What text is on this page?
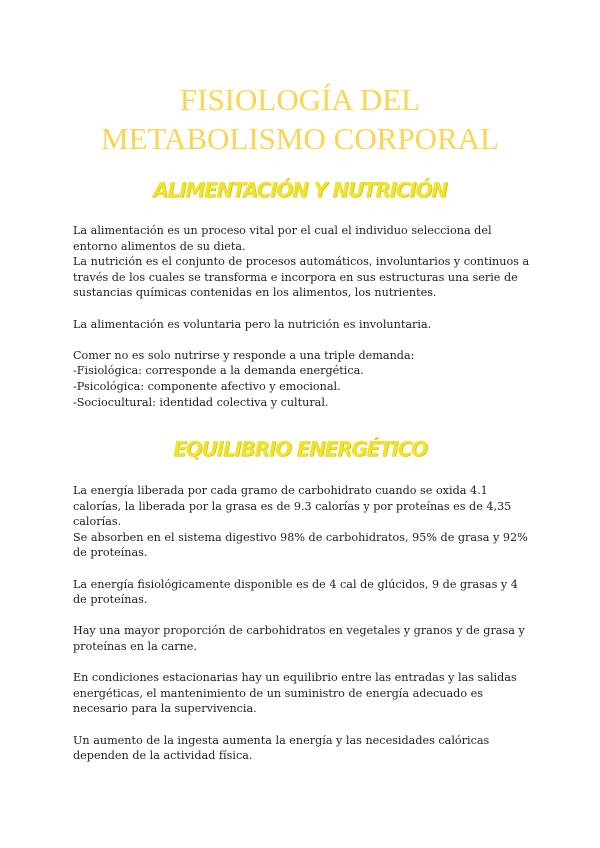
FISIOLOGÍA DEL
METABOLISMO CORPORAL
ALIMENTACIÓN Y NUTRICIÓN

La alimentación es un proceso vital por el cual el individuo selecciona del entorno alimentos de su dieta.

La nutrición es el conjunto de procesos automáticos, involuntarios y continuos a través de los cuales se transforma e incorpora en sus estructuras una serie de sustancias químicas contenidas en los alimentos, los nutrientes.

La alimentación es voluntaria pero la nutrición es involuntaria.

Comer no es solo nutrirse y responde a una triple demanda:

-Fisiológica: corresponde a la demanda energética.

-Psicológica: componente afectivo y emocional.

-Sociocultural: identidad colectiva y cultural.

EQUILIBRIO ENERGÉTICO

La energía liberada por cada gramo de carbohidrato cuando se oxida 4.1 calorías, la liberada por la grasa es de 9.3 calorías y por proteínas es de 4,35 calorías.

Se absorben en el sistema digestivo 98% de carbohidratos, 95% de grasa y 92% de proteínas.

La energía fisiológicamente disponible es de 4 cal de glúcidos, 9 de grasas y 4 de proteínas.

Hay una mayor proporción de carbohidratos en vegetales y granos y de grasa y proteínas en la carne.

En condiciones estacionarias hay un equilibrio entre las entradas y las salidas energéticas, el mantenimiento de un suministro de energía adecuado es necesario para la supervivencia.

Un aumento de la ingesta aumenta la energía y las necesidades calóricas dependen de la actividad física.
